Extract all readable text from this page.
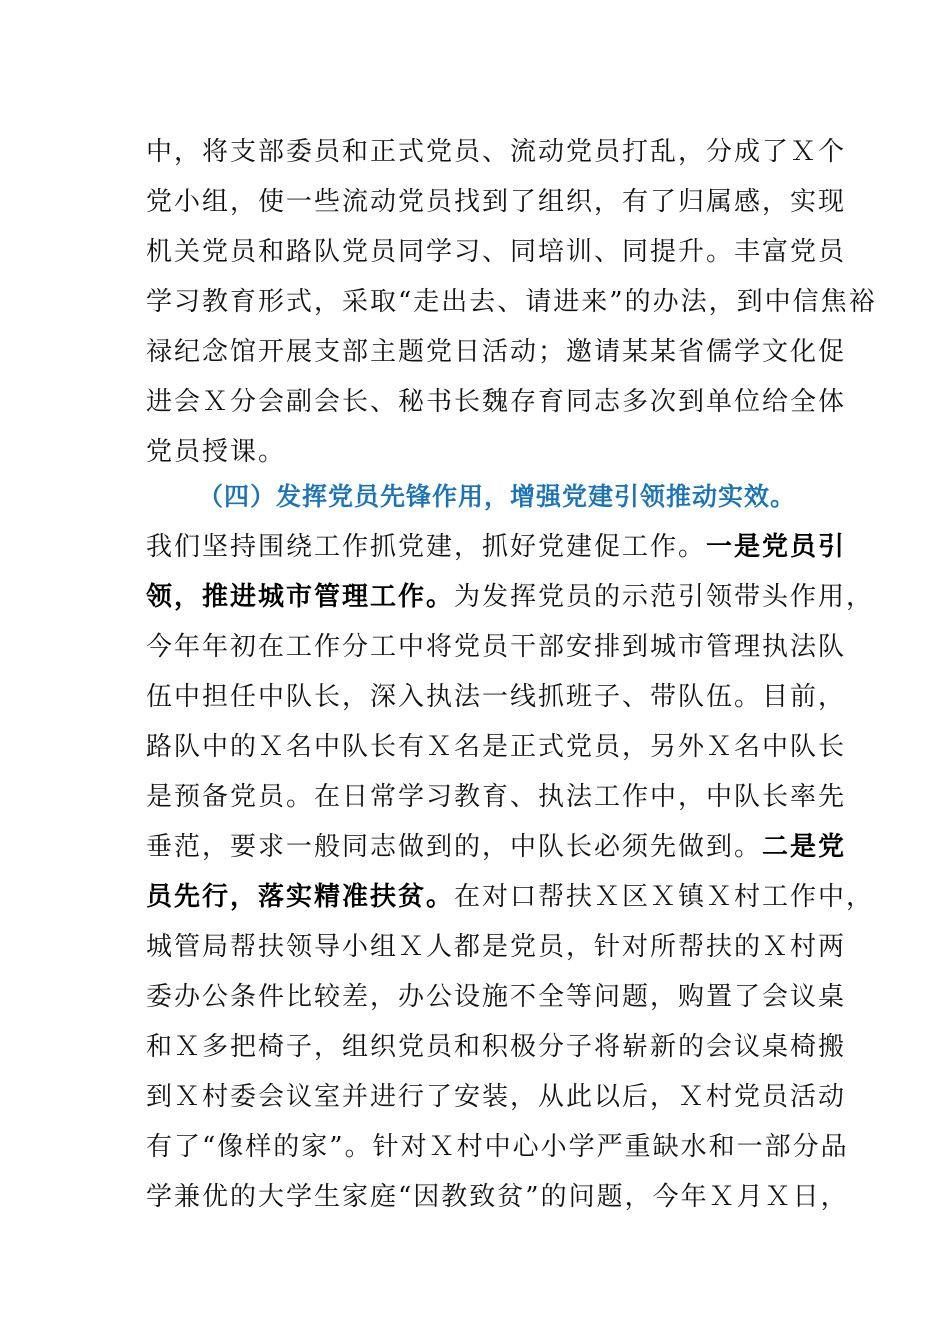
中，将支部委员和正式党员、流动党员打乱，分成了Ｘ个
党小组，使一些流动党员找到了组织，有了归属感，实现
机关党员和路队党员同学习、同培训、同提升。丰富党员
学习教育形式，采取“走出去、请进来”的办法，到中信焦裕
禄纪念馆开展支部主题党日活动；邀请某某省儒学文化促
进会Ｘ分会副会长、秘书长魏存育同志多次到单位给全体
党员授课。
（四）发挥党员先锋作用，增强党建引领推动实效。
我们坚持围绕工作抓党建，抓好党建促工作。一是党员引
领，推进城市管理工作。为发挥党员的示范引领带头作用，
今年年初在工作分工中将党员干部安排到城市管理执法队
伍中担任中队长，深入执法一线抓班子、带队伍。目前，
路队中的Ｘ名中队长有Ｘ名是正式党员，另外Ｘ名中队长
是预备党员。在日常学习教育、执法工作中，中队长率先
垂范，要求一般同志做到的，中队长必须先做到。二是党
员先行，落实精准扶贫。在对口帮扶Ｘ区Ｘ镇Ｘ村工作中，
城管局帮扶领导小组Ｘ人都是党员，针对所帮扶的Ｘ村两
委办公条件比较差，办公设施不全等问题，购置了会议桌
和Ｘ多把椅子，组织党员和积极分子将崭新的会议桌椅搬
到Ｘ村委会议室并进行了安装，从此以后，Ｘ村党员活动
有了“像样的家”。针对Ｘ村中心小学严重缺水和一部分品
学兼优的大学生家庭“因教致贫”的问题，今年Ｘ月Ｘ日，
